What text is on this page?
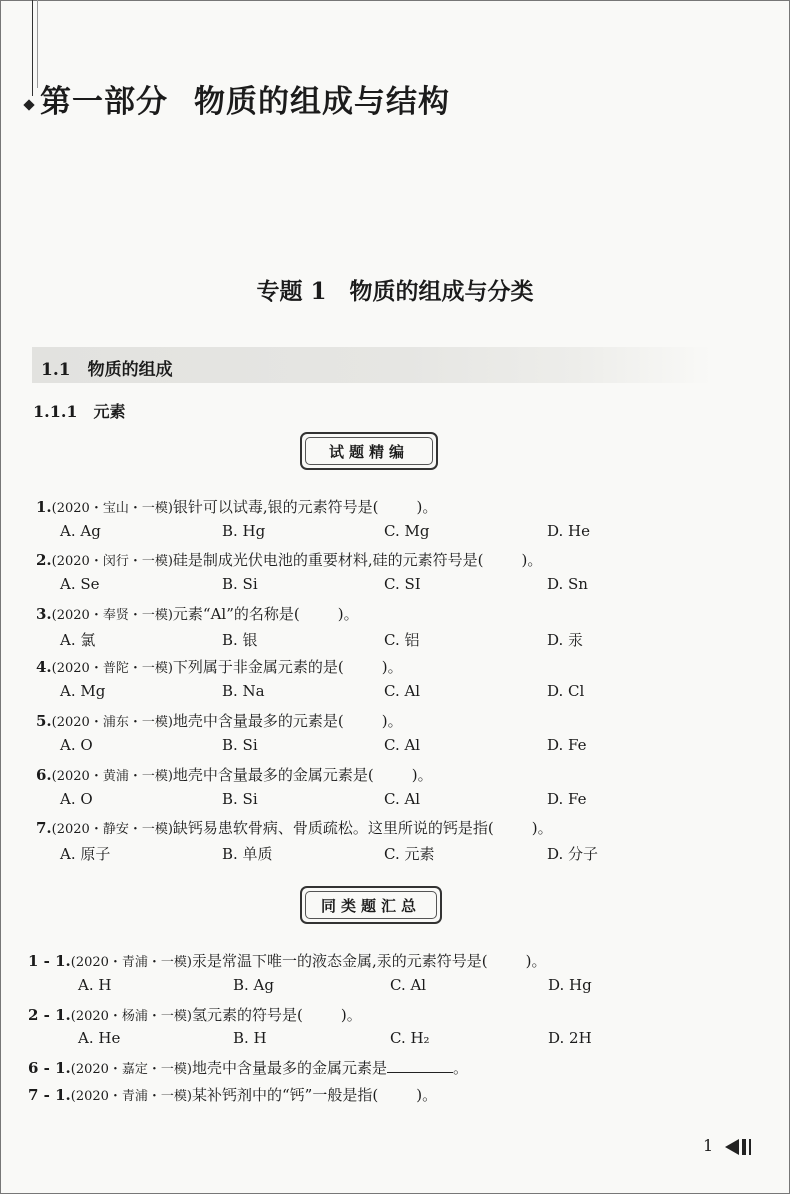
第一部分 物质的组成与结构
专题 1　物质的组成与分类
1.1　物质的组成
1.1.1　元素
试题精编
1.(2020・宝山・一模)银针可以试毒,银的元素符号是(	)。
A. Ag	B. Hg	C. Mg	D. He
2.(2020・闵行・一模)硅是制成光伏电池的重要材料,硅的元素符号是(	)。
A. Se	B. Si	C. SI	D. Sn
3.(2020・奉贤・一模)元素“Al”的名称是(	)。
A. 氯	B. 银	C. 铝	D. 汞
4.(2020・普陀・一模)下列属于非金属元素的是(	)。
A. Mg	B. Na	C. Al	D. Cl
5.(2020・浦东・一模)地壳中含量最多的元素是(	)。
A. O	B. Si	C. Al	D. Fe
6.(2020・黄浦・一模)地壳中含量最多的金属元素是(	)。
A. O	B. Si	C. Al	D. Fe
7.(2020・静安・一模)缺钙易患软骨病、骨质疏松。这里所说的钙是指(	)。
A. 原子	B. 单质	C. 元素	D. 分子
同类题汇总
1 - 1.(2020・青浦・一模)汞是常温下唯一的液态金属,汞的元素符号是(	)。
A. H	B. Ag	C. Al	D. Hg
2 - 1.(2020・杨浦・一模)氢元素的符号是(	)。
A. He	B. H	C. H₂	D. 2H
6 - 1.(2020・嘉定・一模)地壳中含量最多的金属元素是	。
7 - 1.(2020・青浦・一模)某补钙剂中的“钙”一般是指(	)。
1
